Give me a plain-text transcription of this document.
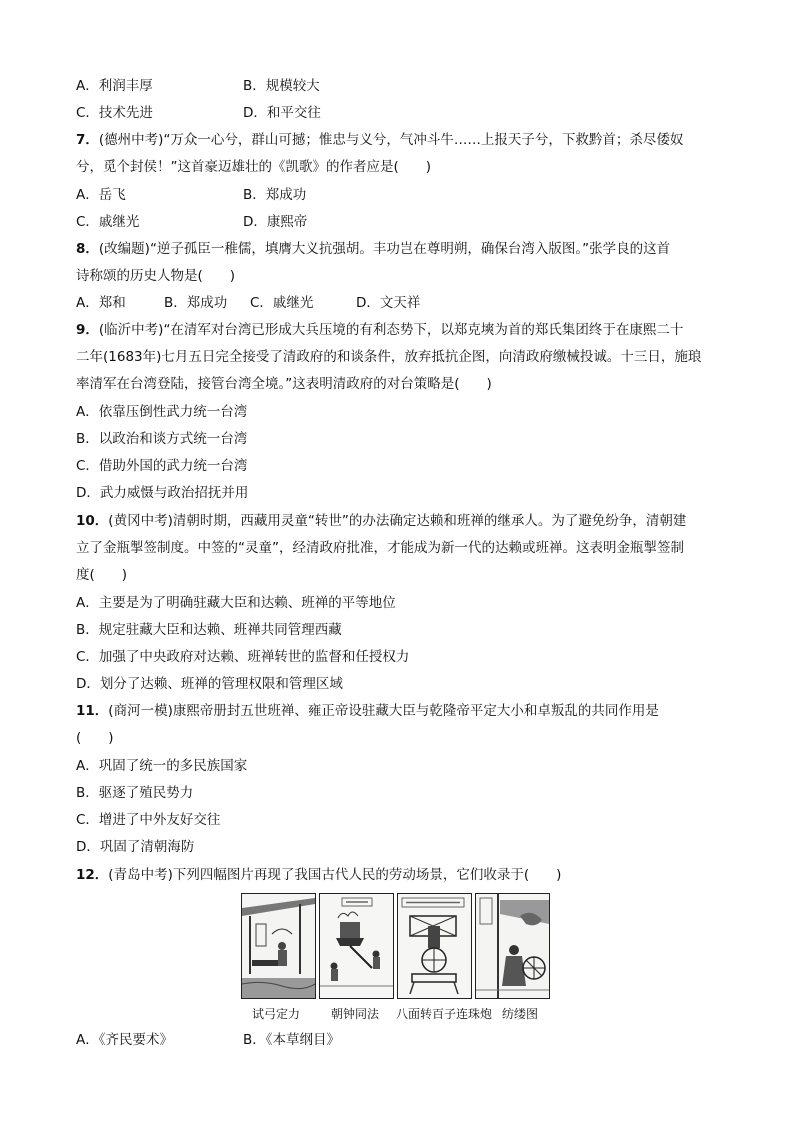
A．利润丰厚	B．规模较大
C．技术先进	D．和平交往
7．(德州中考)“万众一心兮，群山可撼；惟忠与义兮，气冲斗牛……上报天子兮，下救黔首；杀尽倭奴
兮，觅个封侯！”这首豪迈雄壮的《凯歌》的作者应是(　　)
A．岳飞	B．郑成功
C．戚继光	D．康熙帝
8．(改编题)“逆子孤臣一稚儒，填膺大义抗强胡。丰功岂在尊明朔，确保台湾入版图。”张学良的这首
诗称颂的历史人物是(　　)
A．郑和	B．郑成功 C．戚继光	D．文天祥
9．(临沂中考)“在清军对台湾已形成大兵压境的有利态势下，以郑克塽为首的郑氏集团终于在康熙二十
二年(1683年)七月五日完全接受了清政府的和谈条件，放弃抵抗企图，向清政府缴械投诚。十三日，施琅
率清军在台湾登陆，接管台湾全境。”这表明清政府的对台策略是(　　)
A．依靠压倒性武力统一台湾
B．以政治和谈方式统一台湾
C．借助外国的武力统一台湾
D．武力威慑与政治招抚并用
10．(黄冈中考)清朝时期，西藏用灵童“转世”的办法确定达赖和班禅的继承人。为了避免纷争，清朝建
立了金瓶掣签制度。中签的“灵童”，经清政府批准，才能成为新一代的达赖或班禅。这表明金瓶掣签制
度(　　)
A．主要是为了明确驻藏大臣和达赖、班禅的平等地位
B．规定驻藏大臣和达赖、班禅共同管理西藏
C．加强了中央政府对达赖、班禅转世的监督和任授权力
D．划分了达赖、班禅的管理权限和管理区域
11．(商河一模)康熙帝册封五世班禅、雍正帝设驻藏大臣与乾隆帝平定大小和卓叛乱的共同作用是
(　　)
A．巩固了统一的多民族国家
B．驱逐了殖民势力
C．增进了中外友好交往
D．巩固了清朝海防
12．(青岛中考)下列四幅图片再现了我国古代人民的劳动场景，它们收录于(　　)
试弓定力	朝钟同法 八面转百子连珠炮 纺缕图
A．《齐民要术》	B．《本草纲目》
